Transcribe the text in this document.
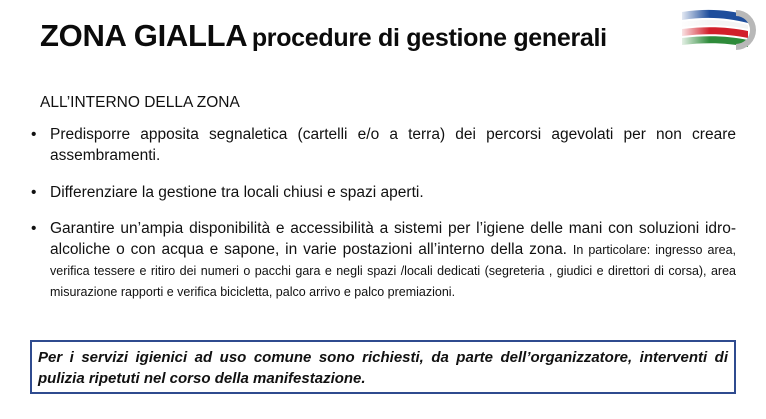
ZONA GIALLA procedure di gestione generali
ALL’INTERNO DELLA ZONA
• Predisporre apposita segnaletica (cartelli e/o a terra) dei percorsi agevolati per non creare assembramenti.
• Differenziare la gestione tra locali chiusi e spazi aperti.
• Garantire un’ampia disponibilità e accessibilità a sistemi per l’igiene delle mani con soluzioni idro-alcoliche o con acqua e sapone, in varie postazioni all’interno della zona. In particolare: ingresso area, verifica tessere e ritiro dei numeri o pacchi gara e negli spazi /locali dedicati (segreteria , giudici e direttori di corsa), area misurazione rapporti e verifica bicicletta, palco arrivo e palco premiazioni.
Per i servizi igienici ad uso comune sono richiesti, da parte dell’organizzatore, interventi di pulizia ripetuti nel corso della manifestazione.
